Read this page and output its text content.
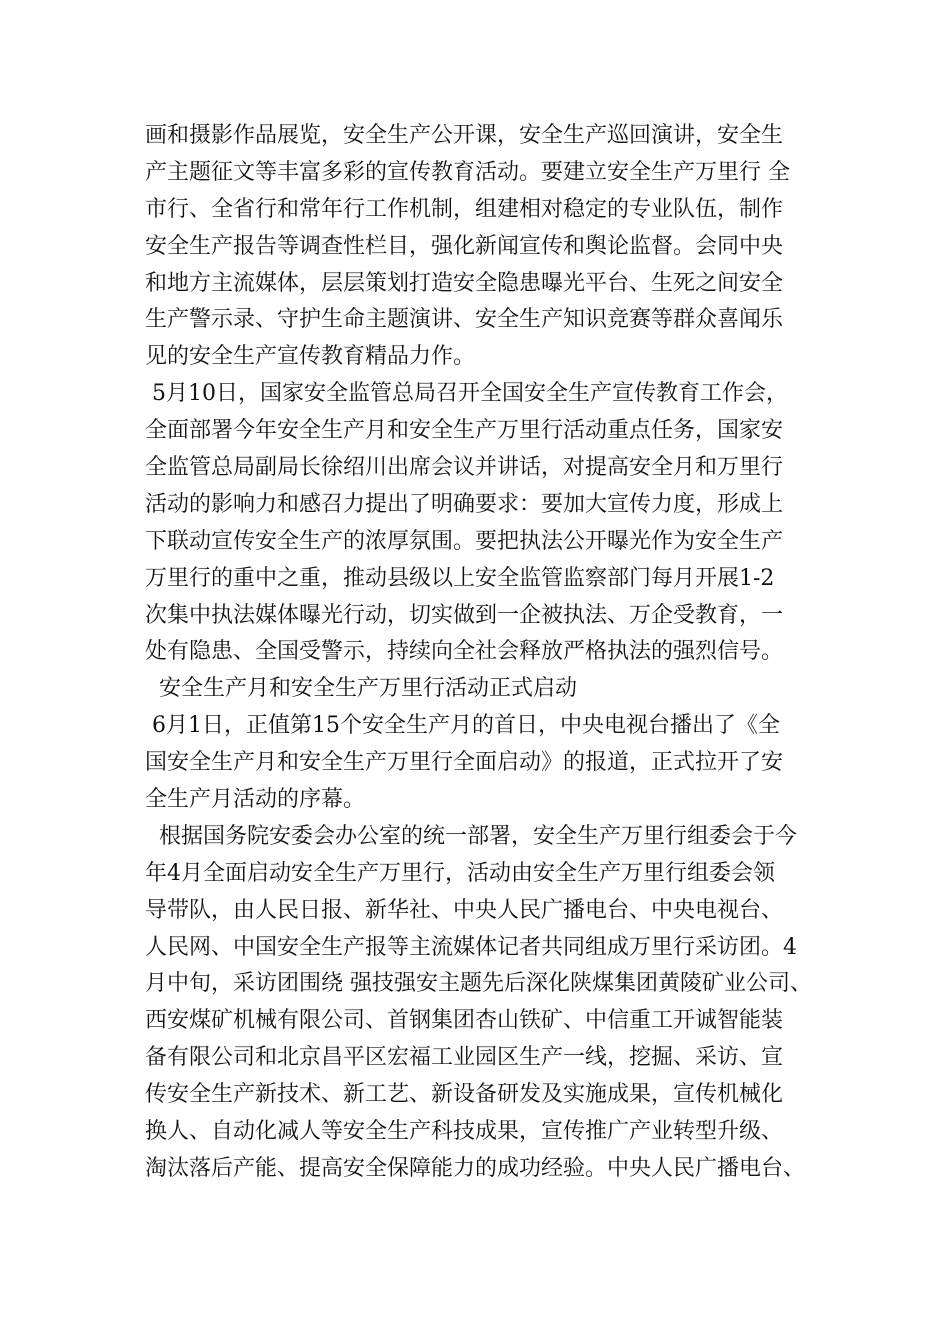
画和摄影作品展览，安全生产公开课，安全生产巡回演讲，安全生
产主题征文等丰富多彩的宣传教育活动。要建立安全生产万里行 全
市行、全省行和常年行工作机制，组建相对稳定的专业队伍，制作
安全生产报告等调查性栏目，强化新闻宣传和舆论监督。会同中央
和地方主流媒体，层层策划打造安全隐患曝光平台、生死之间安全
生产警示录、守护生命主题演讲、安全生产知识竞赛等群众喜闻乐
见的安全生产宣传教育精品力作。
5月10日，国家安全监管总局召开全国安全生产宣传教育工作会，
全面部署今年安全生产月和安全生产万里行活动重点任务，国家安
全监管总局副局长徐绍川出席会议并讲话，对提高安全月和万里行
活动的影响力和感召力提出了明确要求：要加大宣传力度，形成上
下联动宣传安全生产的浓厚氛围。要把执法公开曝光作为安全生产
万里行的重中之重，推动县级以上安全监管监察部门每月开展1-2
次集中执法媒体曝光行动，切实做到一企被执法、万企受教育，一
处有隐患、全国受警示，持续向全社会释放严格执法的强烈信号。
安全生产月和安全生产万里行活动正式启动
6月1日，正值第15个安全生产月的首日，中央电视台播出了《全
国安全生产月和安全生产万里行全面启动》的报道，正式拉开了安
全生产月活动的序幕。
根据国务院安委会办公室的统一部署，安全生产万里行组委会于今
年4月全面启动安全生产万里行，活动由安全生产万里行组委会领
导带队，由人民日报、新华社、中央人民广播电台、中央电视台、
人民网、中国安全生产报等主流媒体记者共同组成万里行采访团。4
月中旬，采访团围绕 强技强安主题先后深化陕煤集团黄陵矿业公司、
西安煤矿机械有限公司、首钢集团杏山铁矿、中信重工开诚智能装
备有限公司和北京昌平区宏福工业园区生产一线，挖掘、采访、宣
传安全生产新技术、新工艺、新设备研发及实施成果，宣传机械化
换人、自动化减人等安全生产科技成果，宣传推广产业转型升级、
淘汰落后产能、提高安全保障能力的成功经验。中央人民广播电台、
